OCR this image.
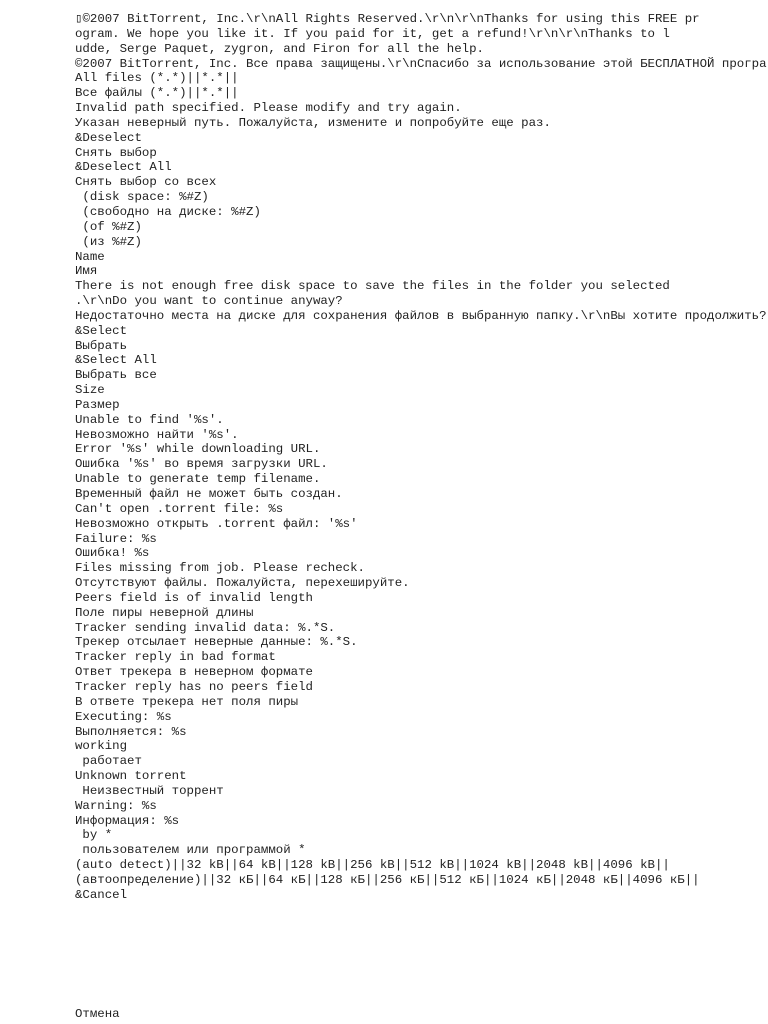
▯©2007 BitTorrent, Inc.\r\nAll Rights Reserved.\r\n\r\nThanks for using this FREE pr
ogram. We hope you like it. If you paid for it, get a refund!\r\n\r\nThanks to l
udde, Serge Paquet, zygron, and Firon for all the help.
©2007 BitTorrent, Inc. Все права защищены.\r\nСпасибо за использование этой БЕСПЛАТНОЙ програ
All files (*.*)||*.*||
Все файлы (*.*)||*.*||
Invalid path specified. Please modify and try again.
Указан неверный путь. Пожалуйста, измените и попробуйте еще раз.
&Deselect
Снять выбор
&Deselect All
Снять выбор со всех
(disk space: %#Z)
(свободно на диске: %#Z)
(of %#Z)
(из %#Z)
Name
Имя
There is not enough free disk space to save the files in the folder you selected
.\r\nDo you want to continue anyway?
Недостаточно места на диске для сохранения файлов в выбранную папку.\r\nВы хотите продолжить?
&Select
Выбрать
&Select All
Выбрать все
Size
Размер
Unable to find '%s'.
Невозможно найти '%s'.
Error '%s' while downloading URL.
Ошибка '%s' во время загрузки URL.
Unable to generate temp filename.
Временный файл не может быть создан.
Can't open .torrent file: %s
Невозможно открыть .torrent файл: '%s'
Failure: %s
Ошибка! %s
Files missing from job. Please recheck.
Отсутствуют файлы. Пожалуйста, перехешируйте.
Peers field is of invalid length
Поле пиры неверной длины
Tracker sending invalid data: %.*S.
Трекер отсылает неверные данные: %.*S.
Tracker reply in bad format
Ответ трекера в неверном формате
Tracker reply has no peers field
В ответе трекера нет поля пиры
Executing: %s
Выполняется: %s
working
работает
Unknown torrent
Неизвестный торрент
Warning: %s
Информация: %s
by *
пользователем или программой *
(auto detect)||32 kB||64 kB||128 kB||256 kB||512 kB||1024 kB||2048 kB||4096 kB||
(автоопределение)||32 кБ||64 кБ||128 кБ||256 кБ||512 кБ||1024 кБ||2048 кБ||4096 кБ||
&Cancel
Отмена
